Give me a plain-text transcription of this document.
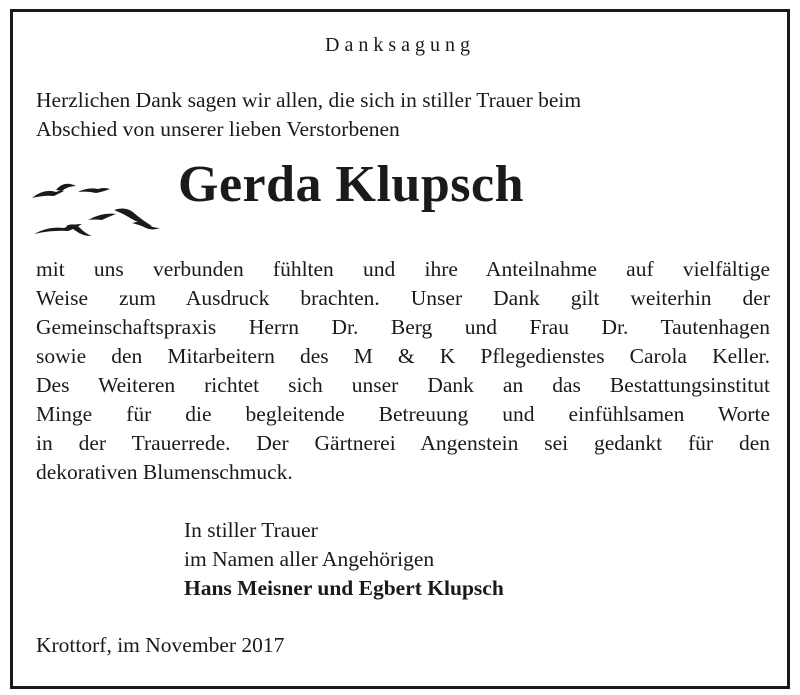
Danksagung
Herzlichen Dank sagen wir allen, die sich in stiller Trauer beim
Abschied von unserer lieben Verstorbenen
Gerda Klupsch
mit uns verbunden fühlten und ihre Anteilnahme auf vielfältige
Weise zum Ausdruck brachten. Unser Dank gilt weiterhin der
Gemeinschaftspraxis Herrn Dr. Berg und Frau Dr. Tautenhagen
sowie den Mitarbeitern des M & K Pflegedienstes Carola Keller.
Des Weiteren richtet sich unser Dank an das Bestattungsinstitut
Minge für die begleitende Betreuung und einfühlsamen Worte
in der Trauerrede. Der Gärtnerei Angenstein sei gedankt für den
dekorativen Blumenschmuck.
In stiller Trauer
im Namen aller Angehörigen
Hans Meisner und Egbert Klupsch
Krottorf, im November 2017
